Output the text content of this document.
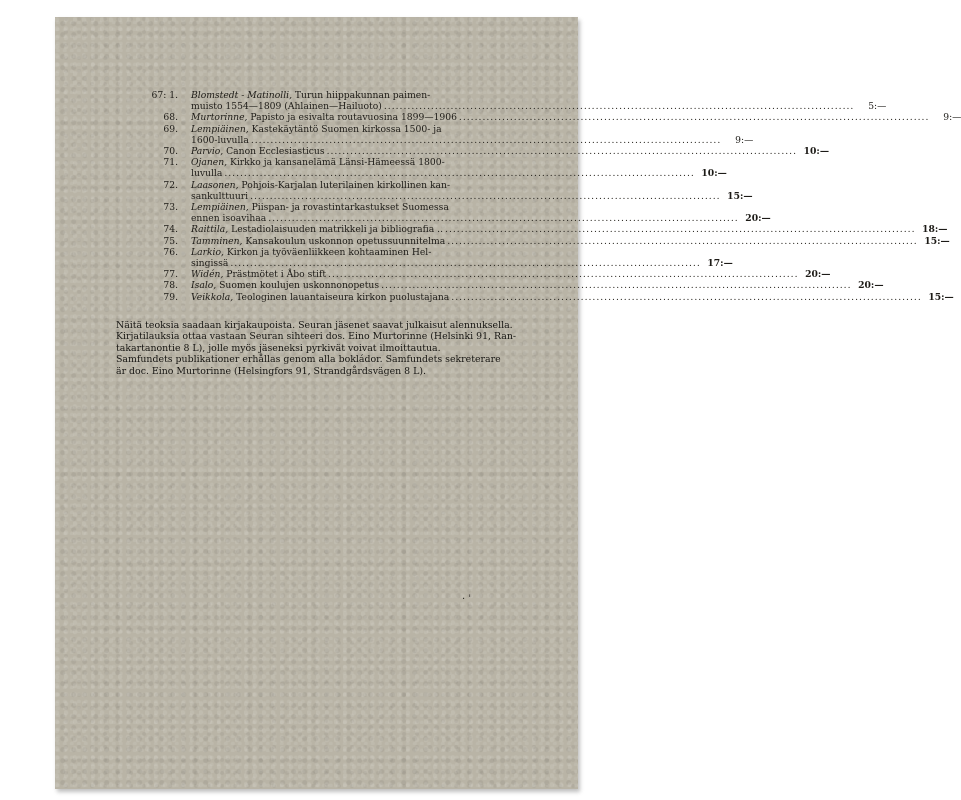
67: 1.	Blomstedt - Matinolli, Turun hiippakunnan paimen-
muisto 1554—1809 (Ahlainen—Hailuoto) ........................................................................................................................	5:—
68.	Murtorinne, Papisto ja esivalta routavuosina 1899—1906 ........................................................................................................................	9:—
69.	Lempiäinen, Kastekäytäntö Suomen kirkossa 1500- ja
1600-luvulla ........................................................................................................................	9:—
70.	Parvio, Canon Ecclesiasticus ........................................................................................................................ 10:—
71.	Ojanen, Kirkko ja kansanelämä Länsi-Hämeessä 1800-
luvulla ........................................................................................................................ 10:—
72.	Laasonen, Pohjois-Karjalan luterilainen kirkollinen kan-
sankulttuuri ........................................................................................................................ 15:—
73.	Lempiäinen, Piispan- ja rovastintarkastukset Suomessa
ennen isoavihaa ........................................................................................................................ 20:—
74.	Raittila, Lestadiolaisuuden matrikkeli ja bibliografia .. ........................................................................................................................ 18:—
75.	Tamminen, Kansakoulun uskonnon opetussuunnitelma ........................................................................................................................ 15:—
76.	Larkio, Kirkon ja työväenliikkeen kohtaaminen Hel-
singissä ........................................................................................................................ 17:—
77.	Widén, Prästmötet i Åbo stift ........................................................................................................................ 20:—
78.	Isalo, Suomen koulujen uskonnonopetus ........................................................................................................................ 20:—
79.	Veikkola, Teologinen lauantaiseura kirkon puolustajana ........................................................................................................................ 15:—

Näitä teoksia saadaan kirjakaupoista. Seuran jäsenet saavat julkaisut alennuksella.

Kirjatilauksia ottaa vastaan Seuran sihteeri dos. Eino Murtorinne (Helsinki 91, Ran-

takartanontie 8 L), jolle myös jäseneksi pyrkivät voivat ilmoittautua.

Samfundets publikationer erhållas genom alla bokládor. Samfundets sekreterare

är doc. Eino Murtorinne (Helsingfors 91, Strandgårdsvägen 8 L).

· ˈ
